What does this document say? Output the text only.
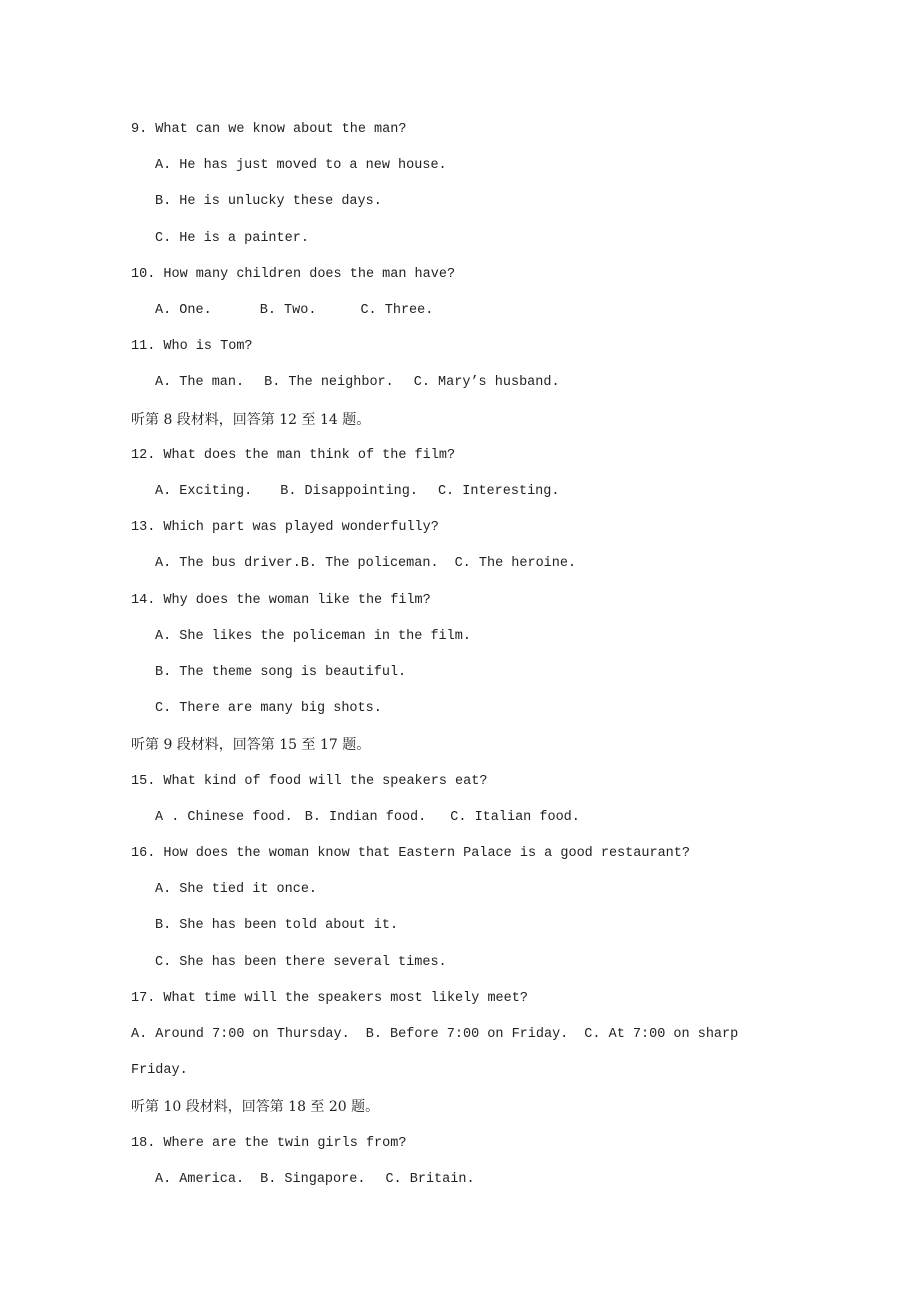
9. What can we know about the man?
A. He has just moved to a new house.
B. He is unlucky these days.
C. He is a painter.
10. How many children does the man have?
A. One.	B. Two.	C. Three.
11. Who is Tom?
A. The man. B. The neighbor. C. Mary’s husband.
听第 8 段材料，回答第 12 至 14 题。
12. What does the man think of the film?
A. Exciting. B. Disappointing. C. Interesting.
13. Which part was played wonderfully?
A. The bus driver.B. The policeman. C. The heroine.
14. Why does the woman like the film?
A. She likes the policeman in the film.
B. The theme song is beautiful.
C. There are many big shots.
听第 9 段材料，回答第 15 至 17 题。
15. What kind of food will the speakers eat?
A . Chinese food. B. Indian food. C. Italian food.
16. How does the woman know that Eastern Palace is a good restaurant?
A. She tied it once.
B. She has been told about it.
C. She has been there several times.
17. What time will the speakers most likely meet?
A. Around 7:00 on Thursday. B. Before 7:00 on Friday. C. At 7:00 on sharp
Friday.
听第 10 段材料，回答第 18 至 20 题。
18. Where are the twin girls from?
A. America. B. Singapore. C. Britain.
